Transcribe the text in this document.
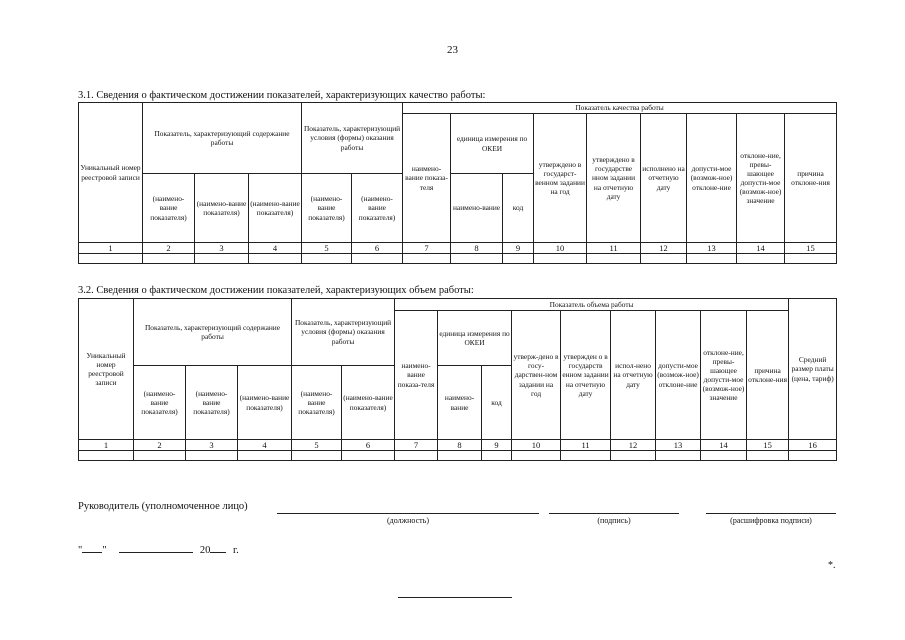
23
3.1. Сведения о фактическом достижении показателей, характеризующих качество работы:
Уникальный номер реестровой записи	Показатель, характеризующий содержание работы			Показатель, характеризующий условия (формы) оказания работы		Показатель качества работы								
						наимено-вание показа-теля	единица измерения по ОКЕИ		утверждено в государст-венном задании на год	утверждено в государстве нном задании на отчетную дату	исполнено на отчетную дату	допусти-мое (возмож-ное) отклоне-ние	отклоне-ние, превы-шающее допусти-мое (возмож-ное) значение	причина отклоне-ния
	(наимено-вание показателя)	(наимено-вание показателя)	(наимено-вание показателя)	(наимено-вание показателя)	(наимено-вание показателя)		наимено-вание	код						
1	2	3	4	5	6	7	8	9	10	11	12	13	14	15

3.2. Сведения о фактическом достижении показателей, характеризующих объем работы:
Уникальный номер реестровой записи	Показатель, характеризующий содержание работы			Показатель, характеризующий условия (формы) оказания работы		Показатель объема работы									Средний размер платы (цена, тариф)
						наимено-вание показа-теля	единица измерения по ОКЕИ		утверж-дено в госу-дарствен-ном задании на год	утвержден о в государств енном задании на отчетную дату	испол-нено на отчетную дату	допусти-мое (возмож-ное) отклоне-ние	отклоне-ние, превы-шающее допусти-мое (возмож-ное) значение	причина отклоне-ния	
	(наимено-вание показателя)	(наимено-вание показателя)	(наимено-вание показателя)	(наимено-вание показателя)	(наимено-вание показателя)		наимено-вание	код							
1	2	3	4	5	6	7	8	9	10	11	12	13	14	15	16

Руководитель (уполномоченное лицо)
(должность)	(подпись)	(расшифровка подписи)
" "	20 г.
*.
